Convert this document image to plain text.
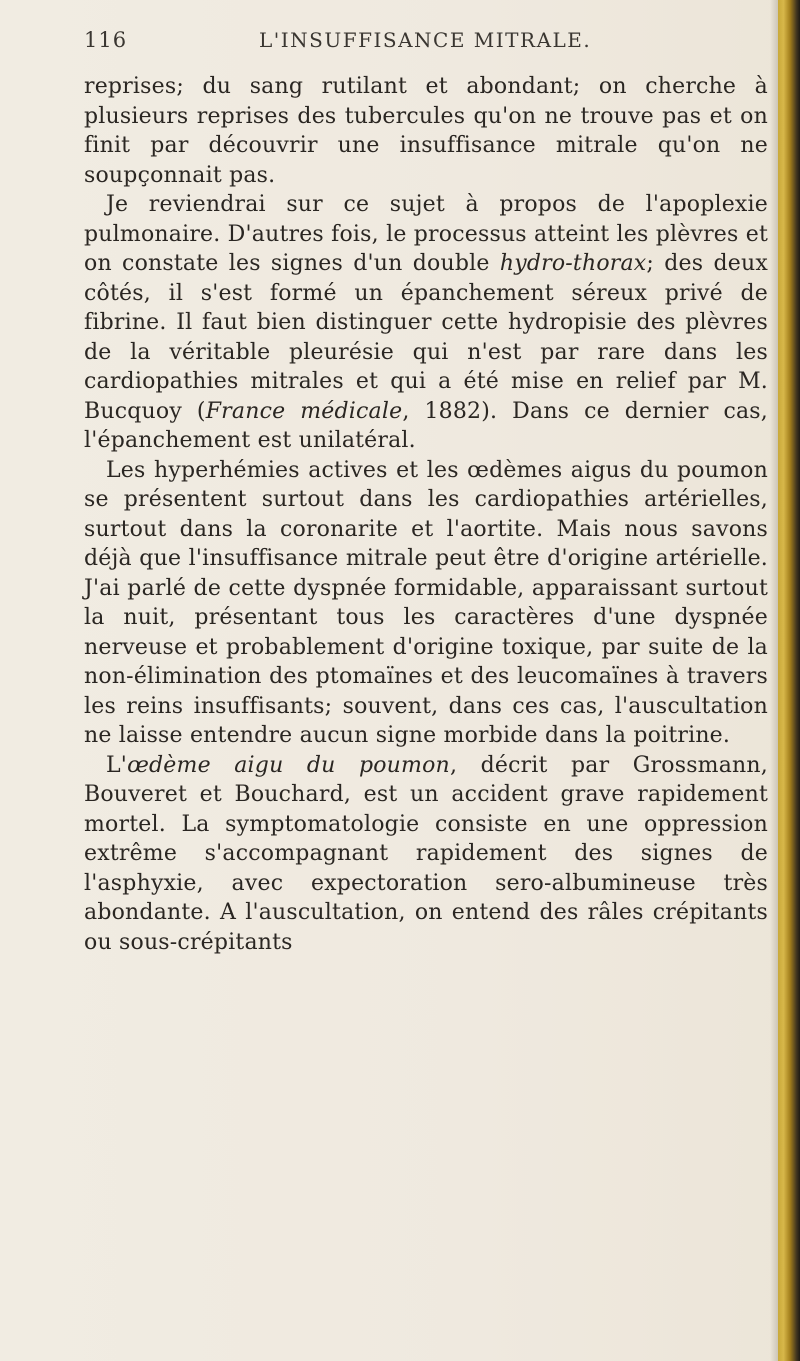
116	L'INSUFFISANCE MITRALE.

reprises; du sang rutilant et abondant; on cherche à plusieurs reprises des tubercules qu'on ne trouve pas et on finit par découvrir une insuffisance mitrale qu'on ne soupçonnait pas.

Je reviendrai sur ce sujet à propos de l'apoplexie pulmonaire. D'autres fois, le processus atteint les plèvres et on constate les signes d'un double hydro-thorax; des deux côtés, il s'est formé un épanchement séreux privé de fibrine. Il faut bien distinguer cette hydropisie des plèvres de la véritable pleurésie qui n'est par rare dans les cardiopathies mitrales et qui a été mise en relief par M. Bucquoy (France médicale, 1882). Dans ce dernier cas, l'épanchement est unilatéral.

Les hyperhémies actives et les œdèmes aigus du poumon se présentent surtout dans les cardiopathies artérielles, surtout dans la coronarite et l'aortite. Mais nous savons déjà que l'insuffisance mitrale peut être d'origine artérielle. J'ai parlé de cette dyspnée formidable, apparaissant surtout la nuit, présentant tous les caractères d'une dyspnée nerveuse et probablement d'origine toxique, par suite de la non-élimination des ptomaïnes et des leucomaïnes à travers les reins insuffisants; souvent, dans ces cas, l'auscultation ne laisse entendre aucun signe morbide dans la poitrine.

L'œdème aigu du poumon, décrit par Grossmann, Bouveret et Bouchard, est un accident grave rapidement mortel. La symptomatologie consiste en une oppression extrême s'accompagnant rapidement des signes de l'asphyxie, avec expectoration sero-albumineuse très abondante. A l'auscultation, on entend des râles crépitants ou sous-crépitants
